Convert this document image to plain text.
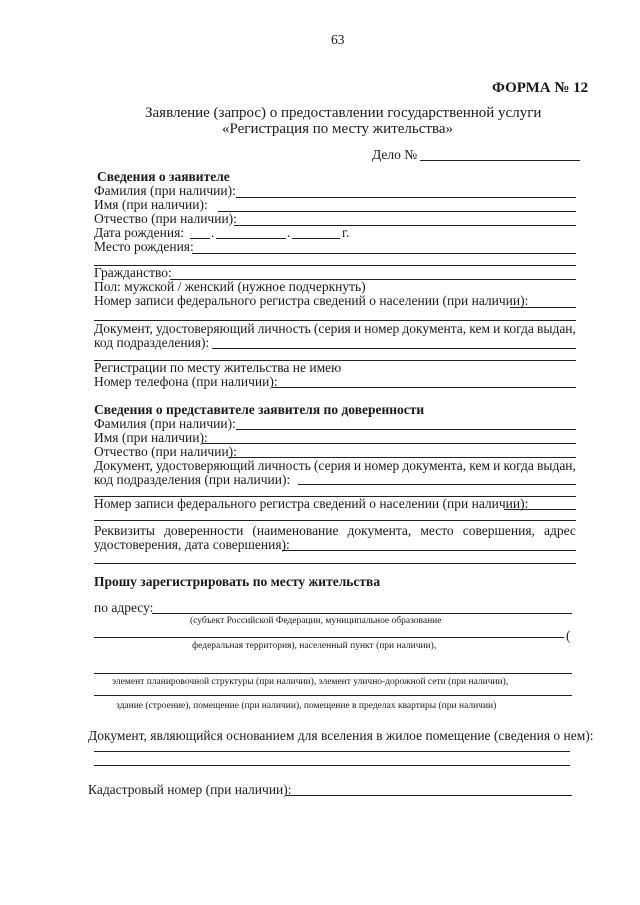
63
ФОРМА № 12
Заявление (запрос) о предоставлении государственной услуги
«Регистрация по месту жительства»
Дело №
Сведения о заявителе
Фамилия (при наличии):
Имя (при наличии):
Отчество (при наличии):
Дата рождения: .	.	г.
Место рождения:
Гражданство:
Пол: мужской / женский (нужное подчеркнуть)
Номер записи федерального регистра сведений о населении (при наличии):
Документ, удостоверяющий личность (серия и номер документа, кем и когда выдан,
код подразделения):
Регистрации по месту жительства не имею
Номер телефона (при наличии):
Сведения о представителе заявителя по доверенности
Фамилия (при наличии):
Имя (при наличии):
Отчество (при наличии):
Документ, удостоверяющий личность (серия и номер документа, кем и когда выдан,
код подразделения (при наличии):
Номер записи федерального регистра сведений о населении (при наличии):
Реквизиты доверенности (наименование документа, место совершения, адрес
удостоверения, дата совершения):
Прошу зарегистрировать по месту жительства
по адресу:
(субъект Российской Федерации, муниципальное образование
(
федеральная территория), населенный пункт (при наличии),
элемент планировочной структуры (при наличии), элемент улично-дорожной сети (при наличии),
здание (строение), помещение (при наличии), помещение в пределах квартиры (при наличии)
Документ, являющийся основанием для вселения в жилое помещение (сведения о нем):
Кадастровый номер (при наличии):
